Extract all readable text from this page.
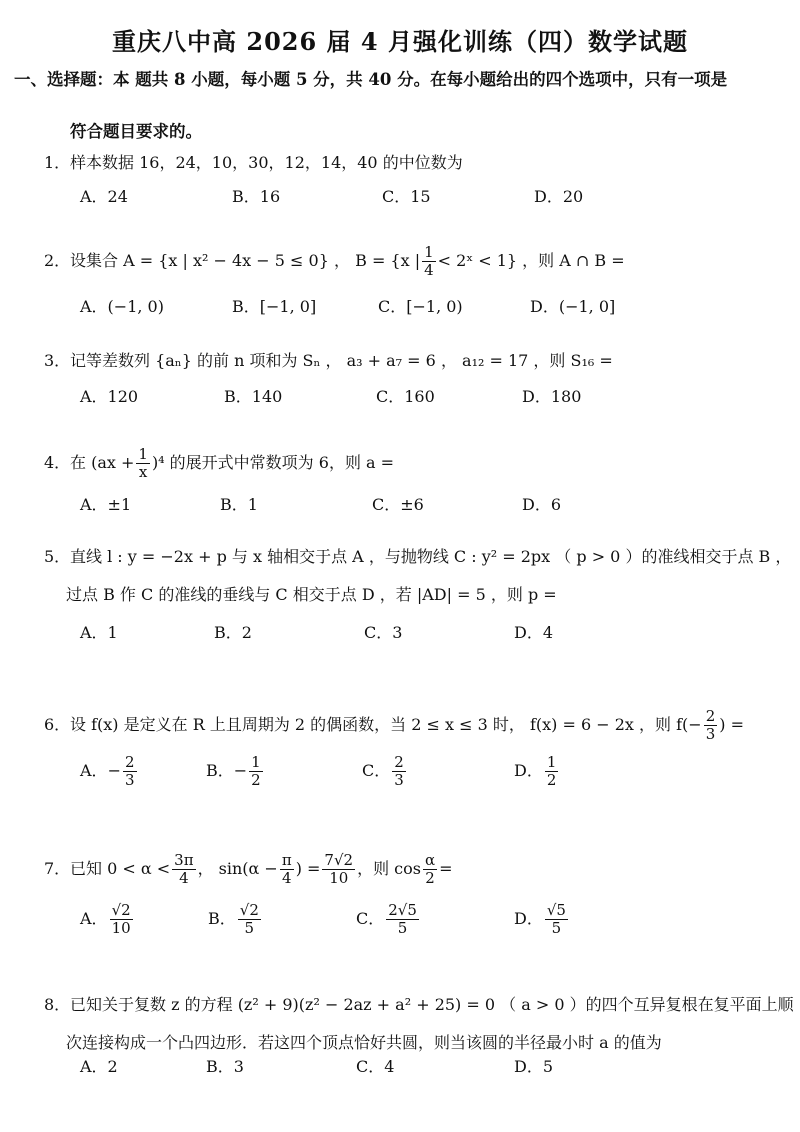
重庆八中高 2026 届 4 月强化训练（四）数学试题
一、选择题：本 题共 8 小题，每小题 5 分，共 40 分。在每小题给出的四个选项中，只有一项是
符合题目要求的。
1．样本数据 16，24，10，30，12，14，40 的中位数为
A．24	B．16	C．15	D．20
2．设集合 A = {x | x² − 4x − 5 ≤ 0} ， B = {x | $\frac{1}{4}$ < 2ˣ < 1} ，则 A ∩ B =
A．(−1, 0)	B．[−1, 0]	C．[−1, 0)	D．(−1, 0]
3．记等差数列 {aₙ} 的前 n 项和为 Sₙ ， a₃ + a₇ = 6 ， a₁₂ = 17 ，则 S₁₆ =
A．120	B．140	C．160	D．180
4．在 $(ax + \frac{1}{x} )^4$ 的展开式中常数项为 6，则 a =
A．±1	B．1	C．±6	D．6
5．直线 l : y = −2x + p 与 x 轴相交于点 A ，与抛物线 C : y² = 2px （ p > 0 ）的准线相交于点 B ，
过点 B 作 C 的准线的垂线与 C 相交于点 D ，若 |AD| = 5 ，则 p =
A．1	B．2	C．3	D．4
6．设 f(x) 是定义在 R 上且周期为 2 的偶函数，当 2 ≤ x ≤ 3 时， f(x) = 6 − 2x ，则 $f(- \frac{2}{3}$ ) =
A．− $\frac{2}{3}$	B．− $\frac{1}{2}$	C． $\frac{2}{3}$	D． $\frac{1}{2}$
7．已知 $0 < \alpha < \frac{3\pi}{4}$ ， $\sin(\alpha - \frac{\pi}{4}$ ) = $\frac{7√2}{10}$ ，则 $\cos \frac{\alpha}{2}$ =
A． $\frac{√2}{10}$	B． $\frac{√2}{5}$	C． $\frac{2√5}{5}$	D． $\frac{√5}{5}$
8．已知关于复数 z 的方程 (z² + 9)(z² − 2az + a² + 25) = 0 （ a > 0 ）的四个互异复根在复平面上顺
次连接构成一个凸四边形．若这四个顶点恰好共圆，则当该圆的半径最小时 a 的值为
A．2	B．3	C．4	D．5
